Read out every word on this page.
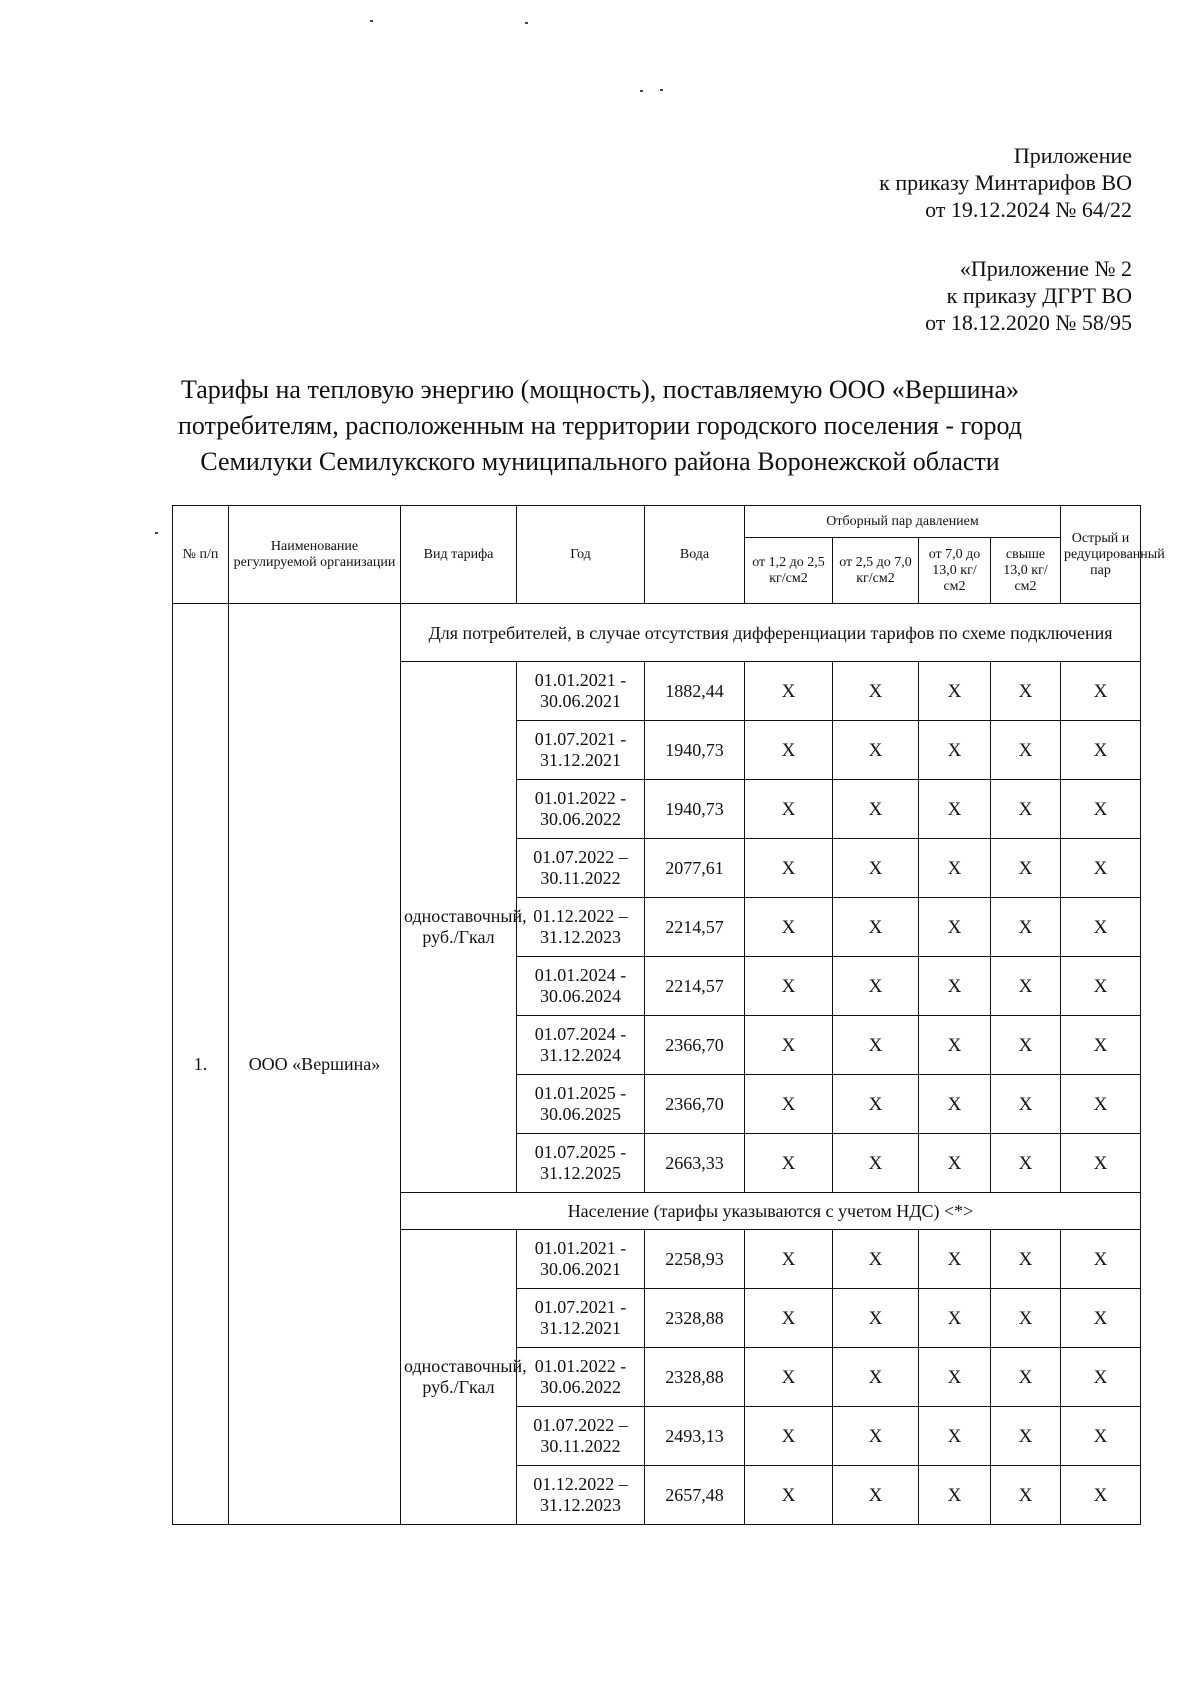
Приложение
к приказу Минтарифов ВО
от 19.12.2024 № 64/22
«Приложение № 2
к приказу ДГРТ ВО
от 18.12.2020 № 58/95
Тарифы на тепловую энергию (мощность), поставляемую ООО «Вершина»
потребителям, расположенным на территории городского поселения - город
Семилуки Семилукского муниципального района Воронежской области
№ п/п	Наименование регулируемой организации	Вид тарифа	Год	Вода	Отборный пар давлением				Острый и редуцированный пар
					от 1,2 до 2,5 кг/см2	от 2,5 до 7,0 кг/см2	от 7,0 до 13,0 кг/см2	свыше 13,0 кг/см2	
1.	ООО «Вершина»	Для потребителей, в случае отсутствия дифференциации тарифов по схеме подключения							
		одноставочный, руб./Гкал	01.01.2021 - 30.06.2021	1882,44	X	X	X	X	X
			01.07.2021 - 31.12.2021	1940,73	X	X	X	X	X
			01.01.2022 - 30.06.2022	1940,73	X	X	X	X	X
			01.07.2022 – 30.11.2022	2077,61	X	X	X	X	X
			01.12.2022 – 31.12.2023	2214,57	X	X	X	X	X
			01.01.2024 - 30.06.2024	2214,57	X	X	X	X	X
			01.07.2024 - 31.12.2024	2366,70	X	X	X	X	X
			01.01.2025 - 30.06.2025	2366,70	X	X	X	X	X
			01.07.2025 - 31.12.2025	2663,33	X	X	X	X	X
		Население (тарифы указываются с учетом НДС) <*>							
		одноставочный, руб./Гкал	01.01.2021 - 30.06.2021	2258,93	X	X	X	X	X
			01.07.2021 - 31.12.2021	2328,88	X	X	X	X	X
			01.01.2022 - 30.06.2022	2328,88	X	X	X	X	X
			01.07.2022 – 30.11.2022	2493,13	X	X	X	X	X
			01.12.2022 – 31.12.2023	2657,48	X	X	X	X	X
